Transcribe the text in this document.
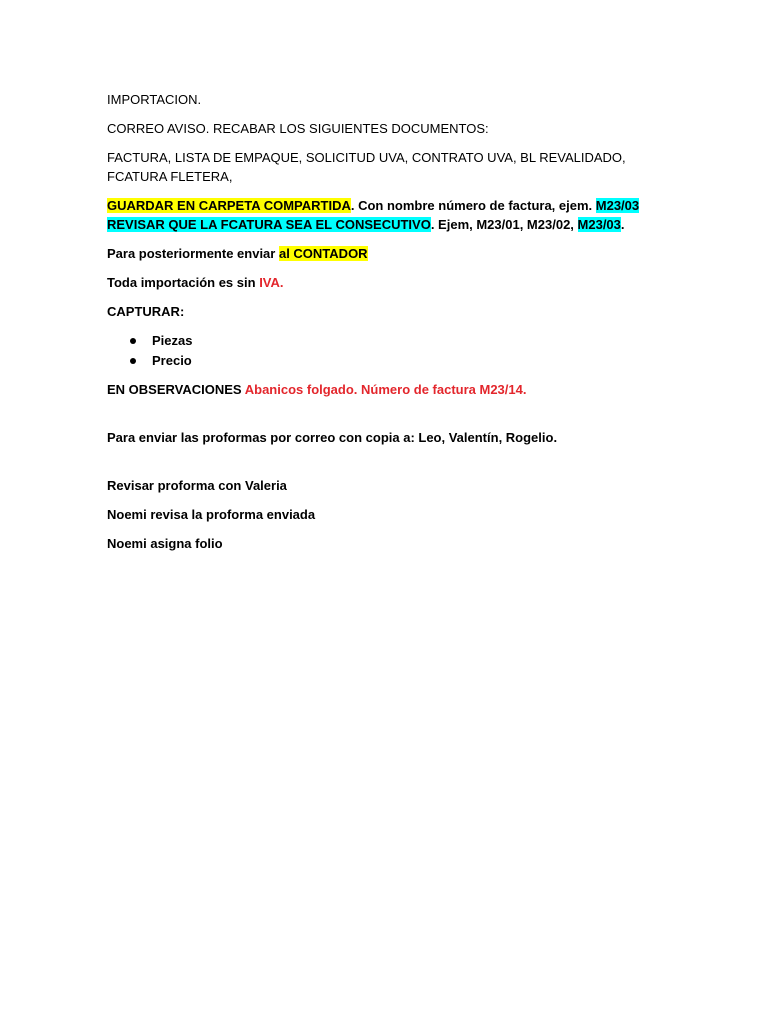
IMPORTACION.

CORREO AVISO. RECABAR LOS SIGUIENTES DOCUMENTOS:

FACTURA, LISTA DE EMPAQUE, SOLICITUD UVA, CONTRATO UVA, BL REVALIDADO, FCATURA FLETERA,

GUARDAR EN CARPETA COMPARTIDA. Con nombre número de factura, ejem. M23/03 REVISAR QUE LA FCATURA SEA EL CONSECUTIVO. Ejem, M23/01, M23/02, M23/03.

Para posteriormente enviar al CONTADOR

Toda importación es sin IVA.

CAPTURAR:

Piezas
Precio

EN OBSERVACIONES Abanicos folgado. Número de factura M23/14.

Para enviar las proformas por correo con copia a: Leo, Valentín, Rogelio.

Revisar proforma con Valeria

Noemi revisa la proforma enviada

Noemi asigna folio
